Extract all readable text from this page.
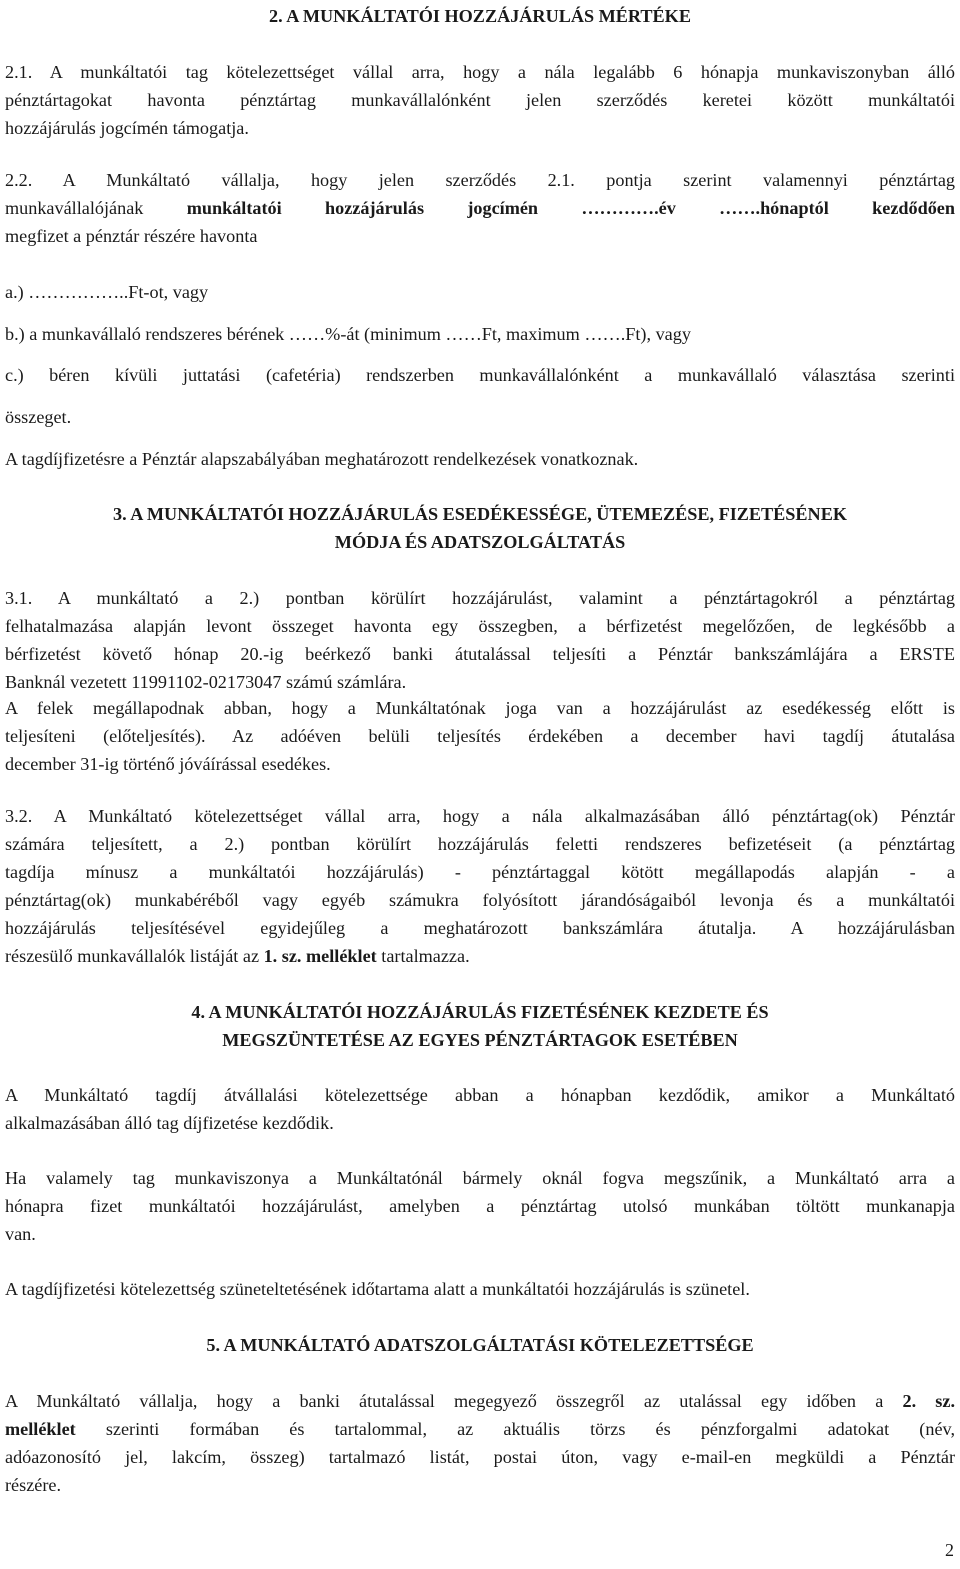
2. A MUNKÁLTATÓI HOZZÁJÁRULÁS MÉRTÉKE
2.1. A munkáltatói tag kötelezettséget vállal arra, hogy a nála legalább 6 hónapja munkaviszonyban álló
pénztártagokat havonta pénztártag munkavállalónként jelen szerződés keretei között munkáltatói
hozzájárulás jogcímén támogatja.
2.2. A Munkáltató vállalja, hogy jelen szerződés 2.1. pontja szerint valamennyi pénztártag
munkavállalójának munkáltatói hozzájárulás jogcímén ………….év …….hónaptól kezdődően
megfizet a pénztár részére havonta
a.) ……………..Ft-ot, vagy
b.) a munkavállaló rendszeres bérének ……%-át (minimum ……Ft, maximum …….Ft), vagy
c.) béren kívüli juttatási (cafetéria) rendszerben munkavállalónként a munkavállaló választása szerinti
összeget.
A tagdíjfizetésre a Pénztár alapszabályában meghatározott rendelkezések vonatkoznak.
3. A MUNKÁLTATÓI HOZZÁJÁRULÁS ESEDÉKESSÉGE, ÜTEMEZÉSE, FIZETÉSÉNEK
MÓDJA ÉS ADATSZOLGÁLTATÁS
3.1. A munkáltató a 2.) pontban körülírt hozzájárulást, valamint a pénztártagokról a pénztártag
felhatalmazása alapján levont összeget havonta egy összegben, a bérfizetést megelőzően, de legkésőbb a
bérfizetést követő hónap 20.-ig beérkező banki átutalással teljesíti a Pénztár bankszámlájára a ERSTE
Banknál vezetett 11991102-02173047 számú számlára.
A felek megállapodnak abban, hogy a Munkáltatónak joga van a hozzájárulást az esedékesség előtt is
teljesíteni (előteljesítés). Az adóéven belüli teljesítés érdekében a december havi tagdíj átutalása
december 31-ig történő jóváírással esedékes.
3.2. A Munkáltató kötelezettséget vállal arra, hogy a nála alkalmazásában álló pénztártag(ok) Pénztár
számára teljesített, a 2.) pontban körülírt hozzájárulás feletti rendszeres befizetéseit (a pénztártag
tagdíja mínusz a munkáltatói hozzájárulás) - pénztártaggal kötött megállapodás alapján - a
pénztártag(ok) munkabéréből vagy egyéb számukra folyósított járandóságaiból levonja és a munkáltatói
hozzájárulás teljesítésével egyidejűleg a meghatározott bankszámlára átutalja. A hozzájárulásban
részesülő munkavállalók listáját az 1. sz. melléklet tartalmazza.
4. A MUNKÁLTATÓI HOZZÁJÁRULÁS FIZETÉSÉNEK KEZDETE ÉS
MEGSZÜNTETÉSE AZ EGYES PÉNZTÁRTAGOK ESETÉBEN
A Munkáltató tagdíj átvállalási kötelezettsége abban a hónapban kezdődik, amikor a Munkáltató
alkalmazásában álló tag díjfizetése kezdődik.
Ha valamely tag munkaviszonya a Munkáltatónál bármely oknál fogva megszűnik, a Munkáltató arra a
hónapra fizet munkáltatói hozzájárulást, amelyben a pénztártag utolsó munkában töltött munkanapja
van.
A tagdíjfizetési kötelezettség szüneteltetésének időtartama alatt a munkáltatói hozzájárulás is szünetel.
5. A MUNKÁLTATÓ ADATSZOLGÁLTATÁSI KÖTELEZETTSÉGE
A Munkáltató vállalja, hogy a banki átutalással megegyező összegről az utalással egy időben a 2. sz.
melléklet szerinti formában és tartalommal, az aktuális törzs és pénzforgalmi adatokat (név,
adóazonosító jel, lakcím, összeg) tartalmazó listát, postai úton, vagy e-mail-en megküldi a Pénztár
részére.
2
